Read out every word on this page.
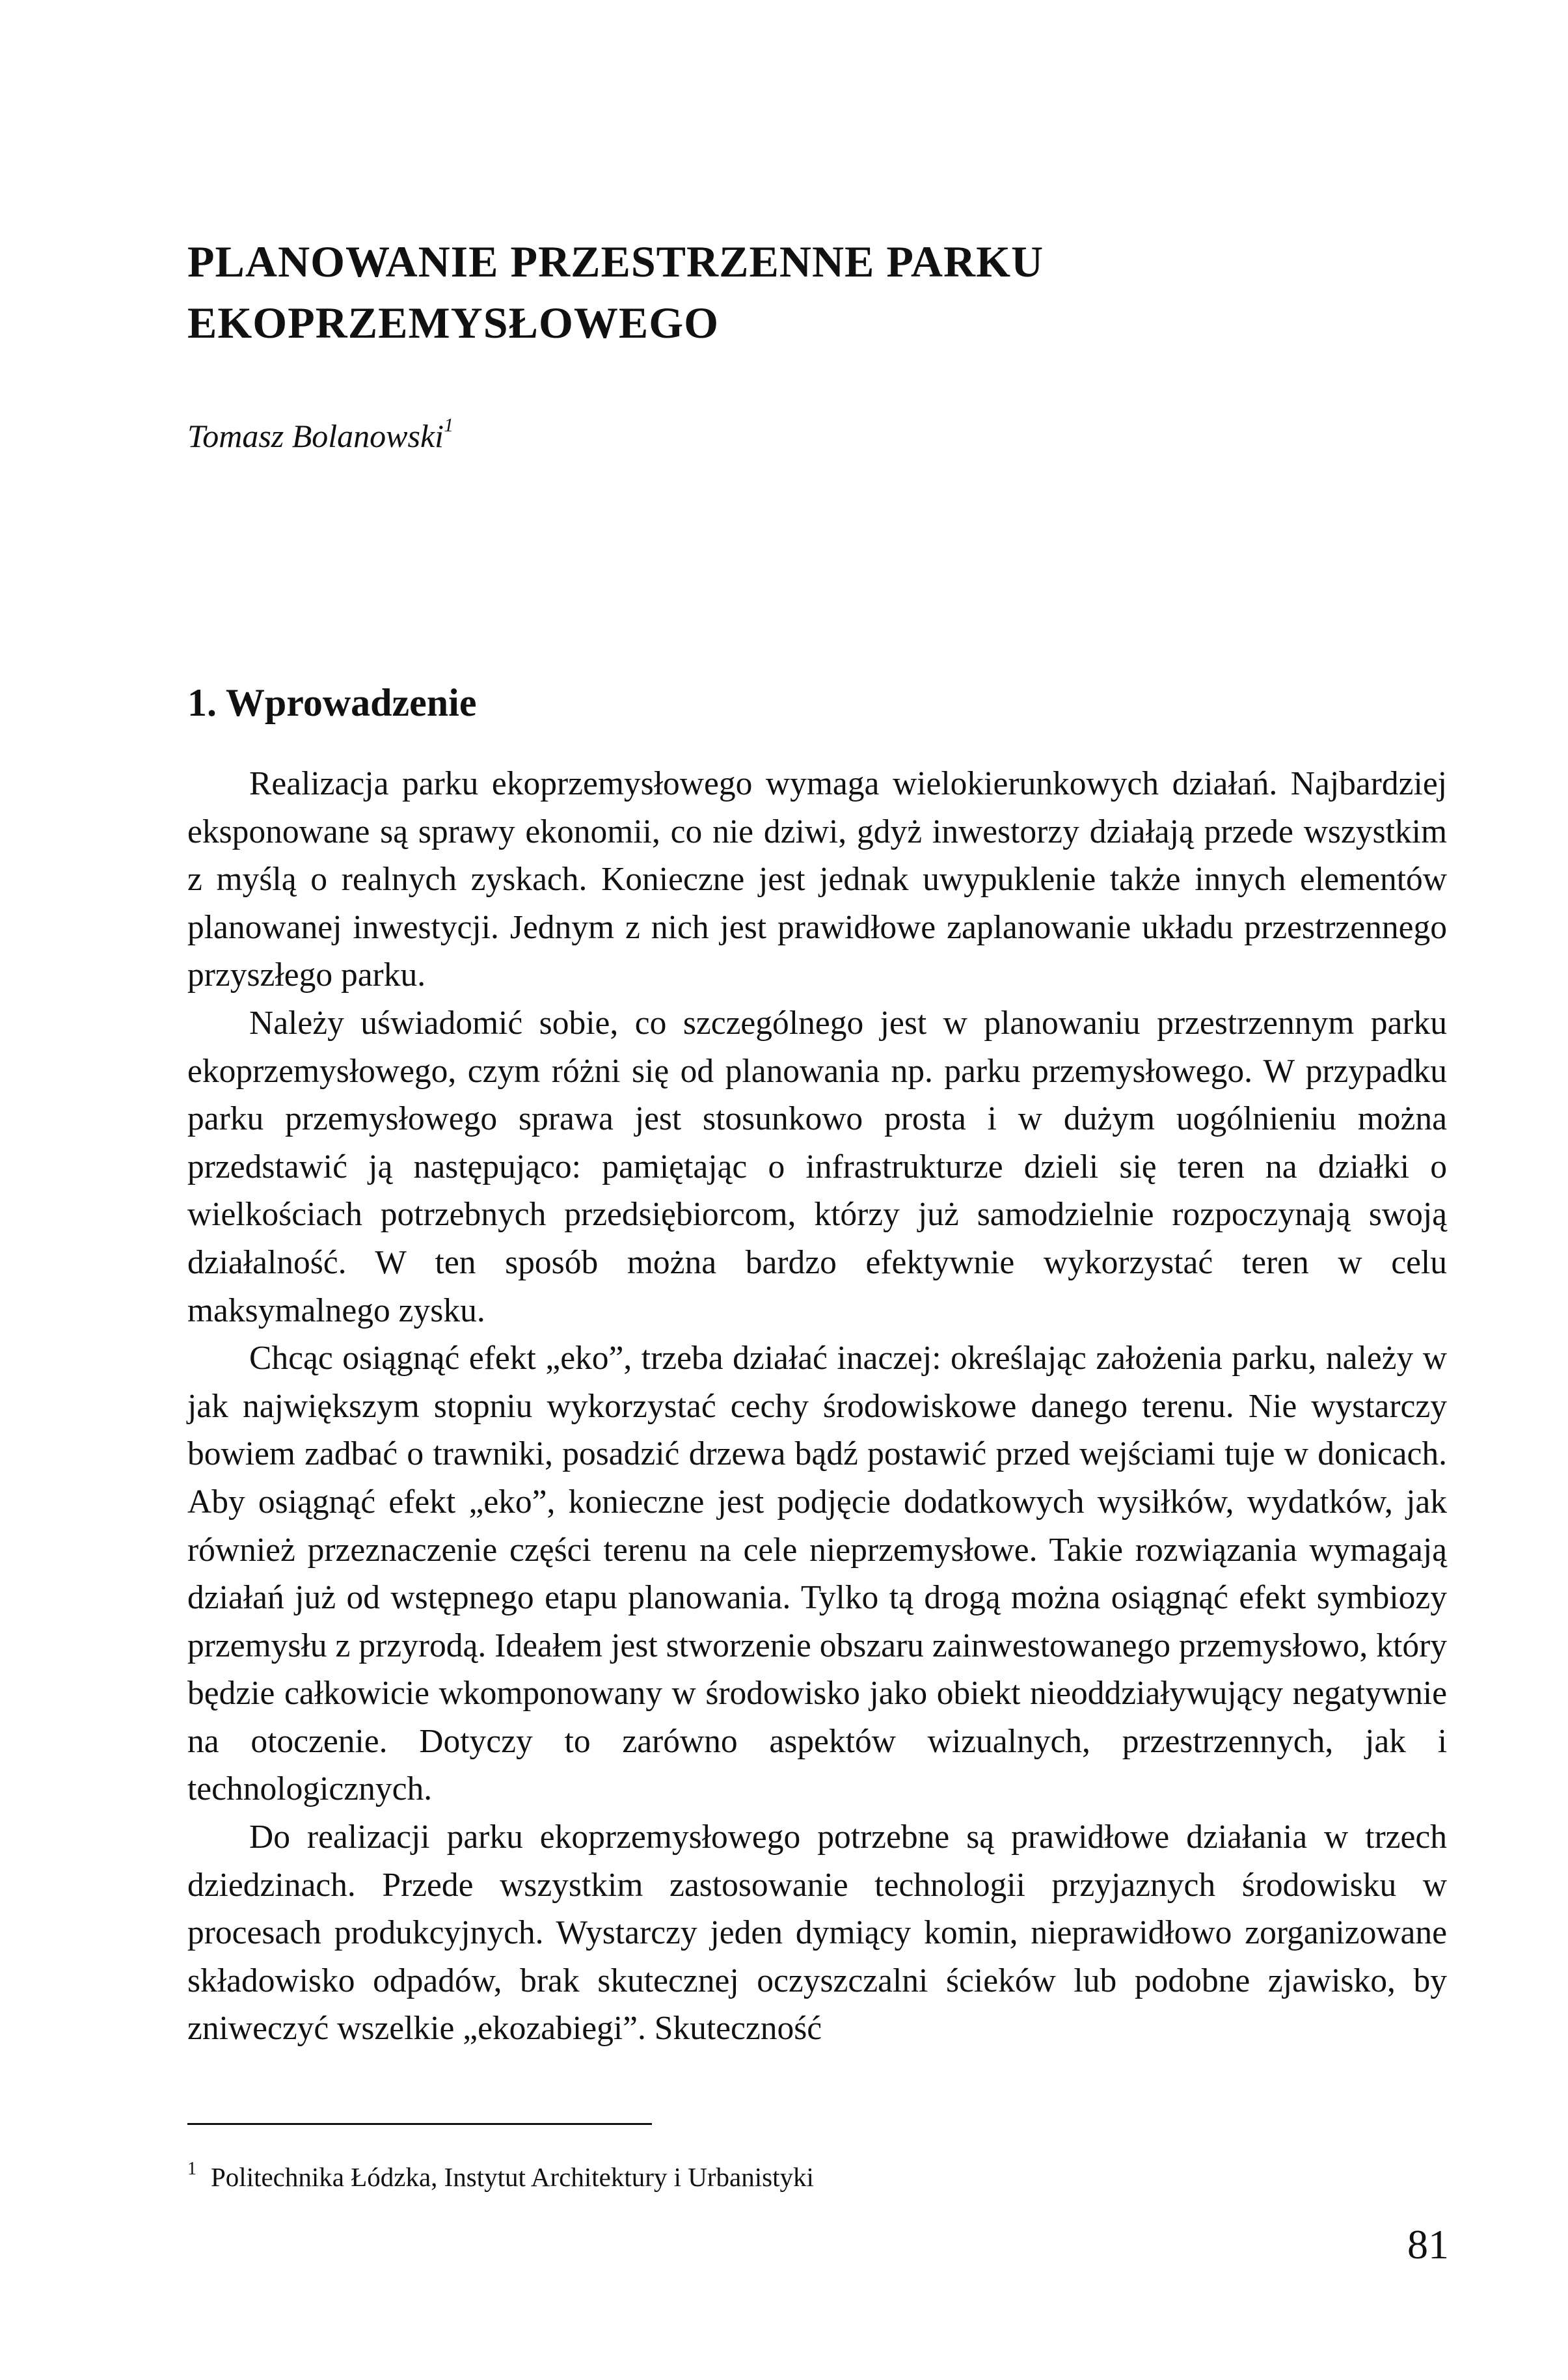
PLANOWANIE PRZESTRZENNE PARKU
EKOPRZEMYSŁOWEGO

Tomasz Bolanowski$^1$

1. Wprowadzenie

Realizacja parku ekoprzemysłowego wymaga wielokierunkowych działań. Najbardziej eksponowane są sprawy ekonomii, co nie dziwi, gdyż inwestorzy działają przede wszystkim z myślą o realnych zyskach. Konieczne jest jednak uwypuklenie także innych elementów planowanej inwestycji. Jednym z nich jest prawidłowe zaplanowanie układu przestrzennego przyszłego parku.

Należy uświadomić sobie, co szczególnego jest w planowaniu przestrzennym parku ekoprzemysłowego, czym różni się od planowania np. parku przemysłowego. W przypadku parku przemysłowego sprawa jest stosunkowo prosta i w dużym uogólnieniu można przedstawić ją następująco: pamiętając o infrastrukturze dzieli się teren na działki o wielkościach potrzebnych przedsiębiorcom, którzy już samodzielnie rozpoczynają swoją działalność. W ten sposób można bardzo efektywnie wykorzystać teren w celu maksymalnego zysku.

Chcąc osiągnąć efekt „eko”, trzeba działać inaczej: określając założenia parku, należy w jak największym stopniu wykorzystać cechy środowiskowe danego terenu. Nie wystarczy bowiem zadbać o trawniki, posadzić drzewa bądź postawić przed wejściami tuje w donicach. Aby osiągnąć efekt „eko”, konieczne jest podjęcie dodatkowych wysiłków, wydatków, jak również przeznaczenie części terenu na cele nieprzemysłowe. Takie rozwiązania wymagają działań już od wstępnego etapu planowania. Tylko tą drogą można osiągnąć efekt symbiozy przemysłu z przyrodą. Ideałem jest stworzenie obszaru zainwestowanego przemysłowo, który będzie całkowicie wkomponowany w środowisko jako obiekt nieoddziaływujący negatywnie na otoczenie. Dotyczy to zarówno aspektów wizualnych, przestrzennych, jak i technologicznych.

Do realizacji parku ekoprzemysłowego potrzebne są prawidłowe działania w trzech dziedzinach. Przede wszystkim zastosowanie technologii przyjaznych środowisku w procesach produkcyjnych. Wystarczy jeden dymiący komin, nieprawidłowo zorganizowane składowisko odpadów, brak skutecznej oczyszczalni ścieków lub podobne zjawisko, by zniweczyć wszelkie „ekozabiegi”. Skuteczność

$^1$ Politechnika Łódzka, Instytut Architektury i Urbanistyki

81
